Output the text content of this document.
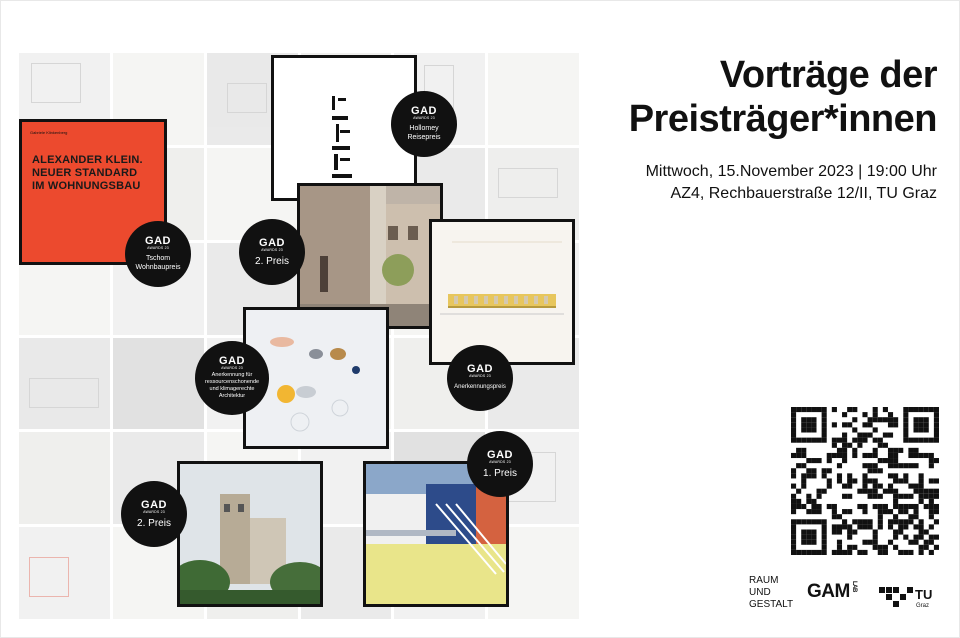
Gabriele Klinkenberg
ALEXANDER KLEIN.
NEUER STANDARD
IM WOHNUNGSBAU
GAD
AWARDS 23
Tschom
Wohnbaupreis
GAD
AWARDS 23
Hollomey
Reisepreis
GAD
AWARDS 23
2. Preis
GAD
AWARDS 23
Anerkennung für
ressourcenschonende
und klimagerechte
Architektur
GAD
AWARDS 23
Anerkennungspreis
GAD
AWARDS 23
1. Preis
GAD
AWARDS 23
2. Preis
Vorträge der
Preisträger*innen
Mittwoch, 15.November 2023 | 19:00 Uhr
AZ4, Rechbauerstraße 12/II, TU Graz
RAUM
UND
GESTALT
GAMLAB
TU
Graz
